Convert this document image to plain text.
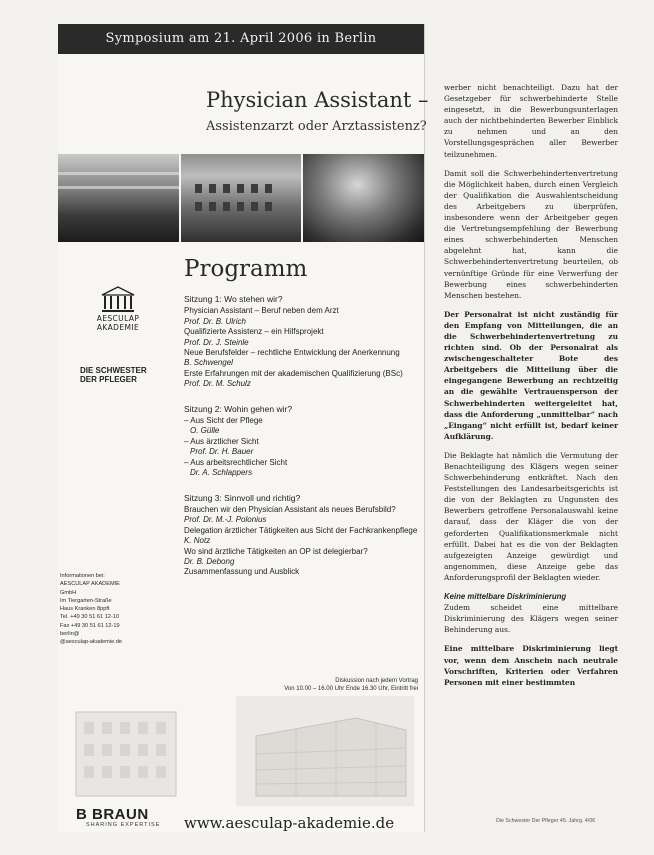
Symposium am 21. April 2006 in Berlin
Physician Assistant –
Assistenzarzt oder Arztassistenz?
Programm
AESCULAP
AKADEMIE
DIE SCHWESTER
DER PFLEGER
Sitzung 1: Wo stehen wir?
Physician Assistant – Beruf neben dem Arzt
Prof. Dr. B. Ulrich
Qualifizierte Assistenz – ein Hilfsprojekt
Prof. Dr. J. Steinle
Neue Berufsfelder – rechtliche Entwicklung der Anerkennung
B. Schwengel
Erste Erfahrungen mit der akademischen Qualifizierung (BSc)
Prof. Dr. M. Schulz
Sitzung 2: Wohin gehen wir?
– Aus Sicht der Pflege
O. Gülle
– Aus ärztlicher Sicht
Prof. Dr. H. Bauer
– Aus arbeitsrechtlicher Sicht
Dr. A. Schlappers
Sitzung 3: Sinnvoll und richtig?
Brauchen wir den Physician Assistant als neues Berufsbild?
Prof. Dr. M.-J. Polonius
Delegation ärztlicher Tätigkeiten aus Sicht der Fachkrankenpflege
K. Notz
Wo sind ärztliche Tätigkeiten an OP ist delegierbar?
Dr. B. Debong
Zusammenfassung und Ausblick
Informationen bei:
AESCULAP AKADEMIE
GmbH
Im Tiergarten-Straße
Haus Kranken 8ppft
Tel. +49 30 51 61 12-10
Fax +49 30 51 61 12-19
berlin@
@aesculap-akademie.de
Diskussion nach jedem Vortrag
Von 10.00 – 16.00 Uhr Ende 16.30 Uhr, Eintritt frei
B BRAUN
SHARING EXPERTISE www.aesculap-akademie.de

werber nicht benachteiligt. Dazu hat der Gesetzgeber für schwerbehinderte Stelle eingesetzt, in die Bewerbungsunterlagen auch der nichtbehinderten Bewerber Einblick zu nehmen und an den Vorstellungsgesprächen aller Bewerber teilzunehmen.

Damit soll die Schwerbehindertenvertretung die Möglichkeit haben, durch einen Vergleich der Qualifikation die Auswahlentscheidung des Arbeitgebers zu überprüfen, insbesondere wenn der Arbeitgeber gegen die Vertretungsempfehlung der Bewerbung eines schwerbehinderten Menschen abgelehnt hat, kann die Schwerbehindertenvertretung beurteilen, ob vernünftige Gründe für eine Verwerfung der Bewerbung eines schwerbehinderten Menschen bestehen.

Der Personalrat ist nicht zuständig für den Empfang von Mitteilungen, die an die Schwerbehindertenvertretung zu richten sind. Ob der Personalrat als zwischengeschalteter Bote des Arbeitgebers die Mitteilung über die eingegangene Bewerbung an rechtzeitig an die gewählte Vertrauensperson der Schwerbehinderten weitergeleitet hat, dass die Anforderung „unmittelbar“ nach „Eingang“ nicht erfüllt ist, bedarf keiner Aufklärung.

Die Beklagte hat nämlich die Vermutung der Benachteiligung des Klägers wegen seiner Schwerbehinderung entkräftet. Nach den Feststellungen des Landesarbeitsgerichts ist die von der Beklagten zu Ungunsten des Bewerbers getroffene Personalauswahl keine darauf, dass der Kläger die von der geforderten Qualifikationsmerkmale nicht erfüllt. Dabei hat es die von der Beklagten aufgezeigten Anzeige gewürdigt und angenommen, diese Anzeige gebe das Anforderungsprofil der Beklagten wieder.

Keine mittelbare Diskriminierung

Zudem scheidet eine mittelbare Diskriminierung des Klägers wegen seiner Behinderung aus.

Eine mittelbare Diskriminierung liegt vor, wenn dem Anschein nach neutrale Vorschriften, Kriterien oder Verfahren Personen mit einer bestimmten

Die Schwester Der Pfleger 45. Jahrg. 4/06
